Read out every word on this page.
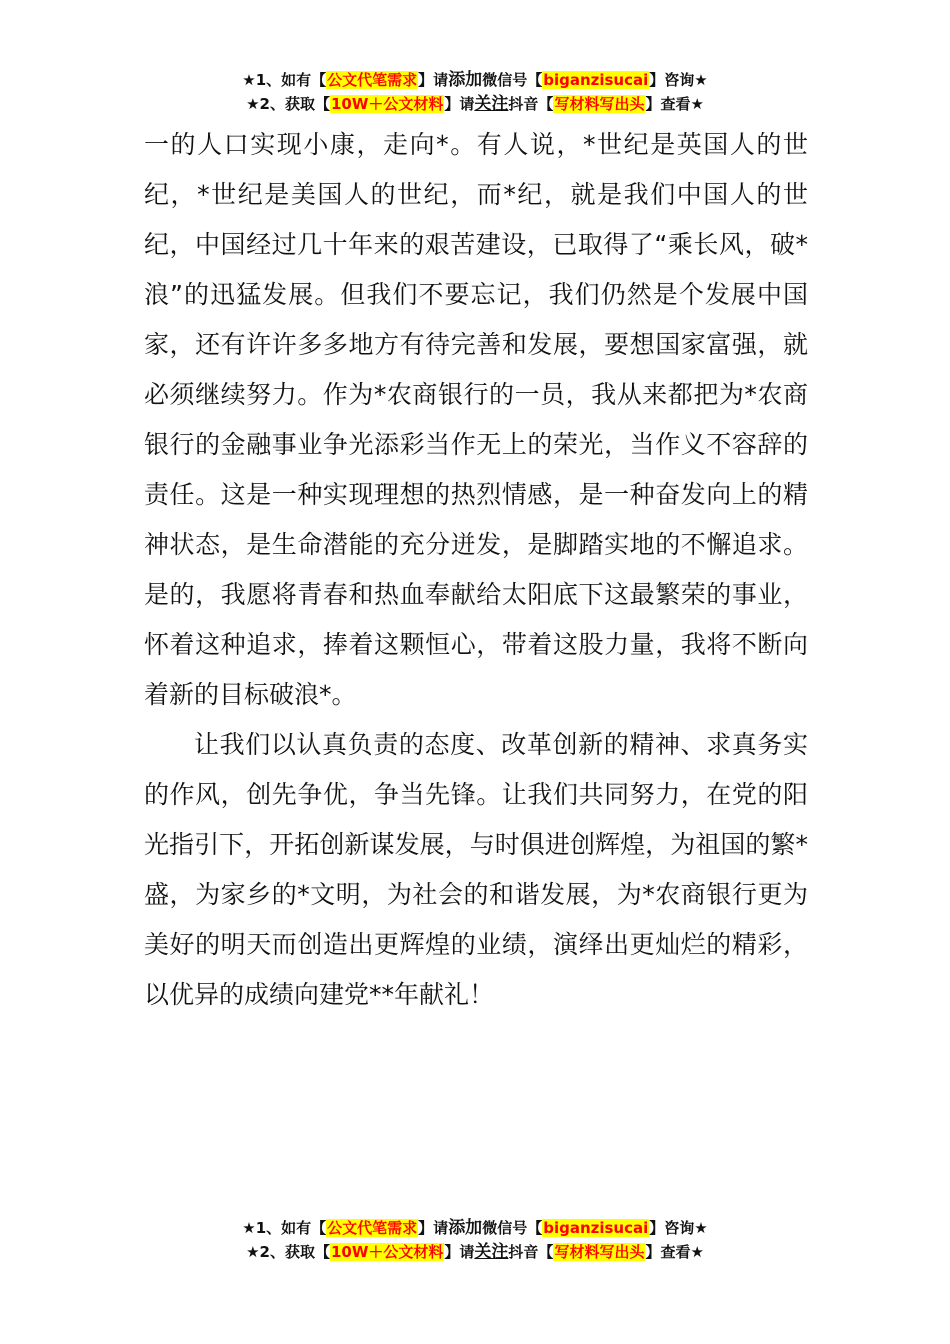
★1、如有【公文代笔需求】请添加微信号【biganzisucai】咨询★
★2、获取【10W＋公文材料】请关注抖音【写材料写出头】查看★

一的人口实现小康，走向*。有人说，*世纪是英国人的世纪，*世纪是美国人的世纪，而*纪，就是我们中国人的世纪，中国经过几十年来的艰苦建设，已取得了“乘长风，破*浪”的迅猛发展。但我们不要忘记，我们仍然是个发展中国家，还有许许多多地方有待完善和发展，要想国家富强，就必须继续努力。作为*农商银行的一员，我从来都把为*农商银行的金融事业争光添彩当作无上的荣光，当作义不容辞的责任。这是一种实现理想的热烈情感，是一种奋发向上的精神状态，是生命潜能的充分迸发，是脚踏实地的不懈追求。是的，我愿将青春和热血奉献给太阳底下这最繁荣的事业，怀着这种追求，捧着这颗恒心，带着这股力量，我将不断向着新的目标破浪*。

让我们以认真负责的态度、改革创新的精神、求真务实的作风，创先争优，争当先锋。让我们共同努力，在党的阳光指引下，开拓创新谋发展，与时俱进创辉煌，为祖国的繁*盛，为家乡的*文明，为社会的和谐发展，为*农商银行更为美好的明天而创造出更辉煌的业绩，演绎出更灿烂的精彩，以优异的成绩向建党**年献礼！

★1、如有【公文代笔需求】请添加微信号【biganzisucai】咨询★
★2、获取【10W＋公文材料】请关注抖音【写材料写出头】查看★
